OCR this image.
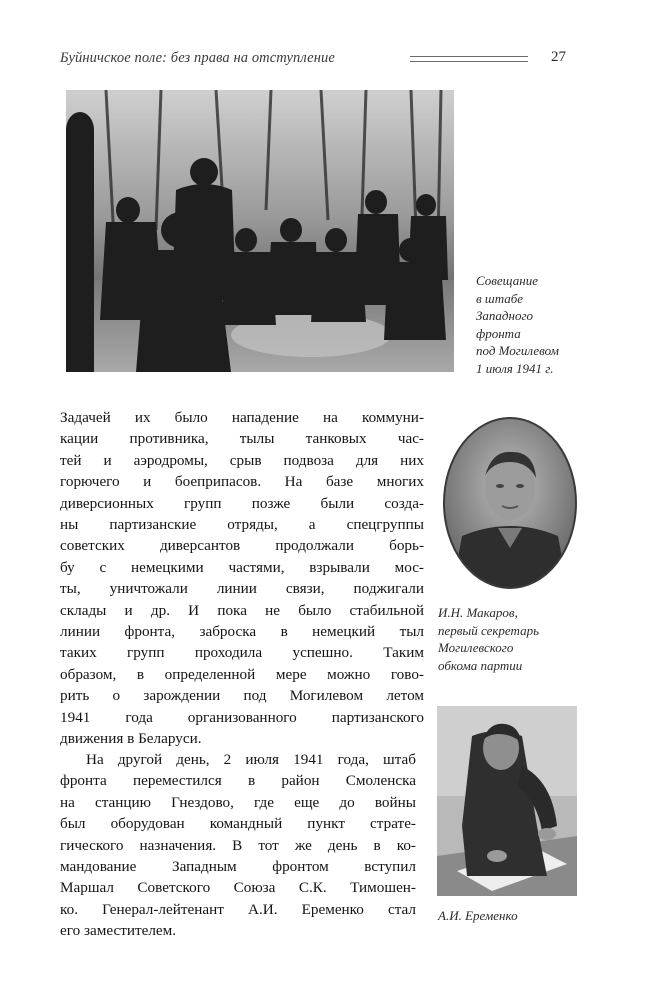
Буйничское поле: без права на отступление	27
Совещание
в штабе
Западного
фронта
под Могилевом
1 июля 1941 г.
И.Н. Макаров,
первый секретарь
Могилевского
обкома партии
А.И. Еременко
Задачей их было нападение на коммуни-
кации противника, тылы танковых час-
тей и аэродромы, срыв подвоза для них
горючего и боеприпасов. На базе многих
диверсионных групп позже были созда-
ны партизанские отряды, а спецгруппы
советских диверсантов продолжали борь-
бу с немецкими частями, взрывали мос-
ты, уничтожали линии связи, поджигали
склады и др. И пока не было стабильной
линии фронта, заброска в немецкий тыл
таких групп проходила успешно. Таким
образом, в определенной мере можно гово-
рить о зарождении под Могилевом летом
1941 года организованного партизанского
движения в Беларуси.
На другой день, 2 июля 1941 года, штаб
фронта переместился в район Смоленска
на станцию Гнездово, где еще до войны
был оборудован командный пункт страте-
гического назначения. В тот же день в ко-
мандование Западным фронтом вступил
Маршал Советского Союза С.К. Тимошен-
ко. Генерал-лейтенант А.И. Еременко стал
его заместителем.
